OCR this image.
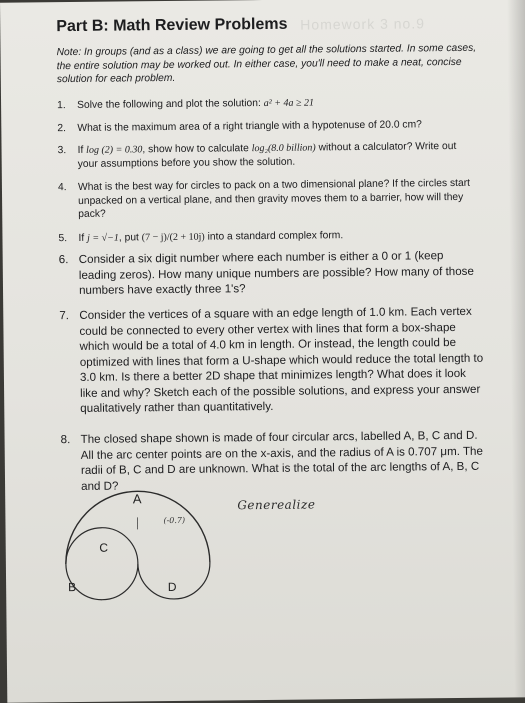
Homework 3 no.9
Part B: Math Review Problems
Note: In groups (and as a class) we are going to get all the solutions started. In some cases, the entire solution may be worked out. In either case, you'll need to make a neat, concise solution for each problem.
1. Solve the following and plot the solution: a² + 4a ≥ 21
2. What is the maximum area of a right triangle with a hypotenuse of 20.0 cm?
3. If log (2) = 0.30, show how to calculate log₂(8.0 billion) without a calculator? Write out your assumptions before you show the solution.
4. What is the best way for circles to pack on a two dimensional plane? If the circles start unpacked on a vertical plane, and then gravity moves them to a barrier, how will they pack?
5. If j = √−1, put (7 − j)/(2 + 10j) into a standard complex form.
6. Consider a six digit number where each number is either a 0 or 1 (keep leading zeros). How many unique numbers are possible? How many of those numbers have exactly three 1's?
7. Consider the vertices of a square with an edge length of 1.0 km. Each vertex could be connected to every other vertex with lines that form a box-shape which would be a total of 4.0 km in length. Or instead, the length could be optimized with lines that form a U-shape which would reduce the total length to 3.0 km. Is there a better 2D shape that minimizes length? What does it look like and why? Sketch each of the possible solutions, and express your answer qualitatively rather than quantitatively.
8. The closed shape shown is made of four circular arcs, labelled A, B, C and D. All the arc center points are on the x-axis, and the radius of A is 0.707 μm. The radii of B, C and D are unknown. What is the total of the arc lengths of A, B, C and D?
A
C
B	D
(-0.7)
Generealize
